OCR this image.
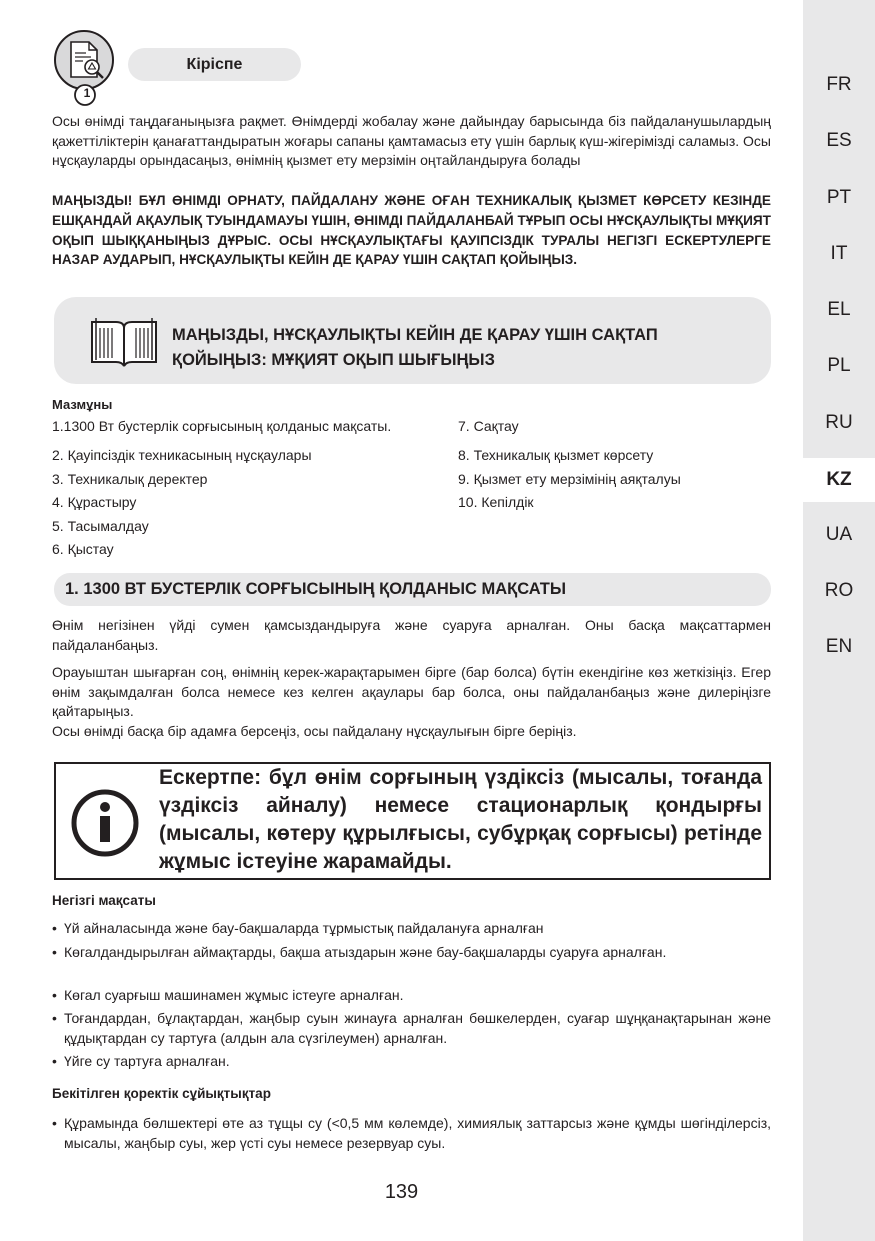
FR
ES
PT
IT
EL
PL
RU
KZ
UA
RO
EN
1
Кіріспе
Осы өнімді таңдағаныңызға рақмет. Өнімдерді жобалау және дайындау барысында біз пайдаланушылардың қажеттіліктерін қанағаттандыратын жоғары сапаны қамтамасыз ету үшін барлық күш-жігерімізді саламыз. Осы нұсқауларды орындасаңыз, өнімнің қызмет ету мерзімін оңтайландыруға болады
МАҢЫЗДЫ! БҰЛ ӨНІМДІ ОРНАТУ, ПАЙДАЛАНУ ЖӘНЕ ОҒАН ТЕХНИКАЛЫҚ ҚЫЗМЕТ КӨРСЕТУ КЕЗІНДЕ ЕШҚАНДАЙ АҚАУЛЫҚ ТУЫНДАМАУЫ ҮШІН, ӨНІМДІ ПАЙДАЛАНБАЙ ТҰРЫП ОСЫ НҰСҚАУЛЫҚТЫ МҰҚИЯТ ОҚЫП ШЫҚҚАНЫҢЫЗ ДҰРЫС. ОСЫ НҰСҚАУЛЫҚТАҒЫ ҚАУІПСІЗДІК ТУРАЛЫ НЕГІЗГІ ЕСКЕРТУЛЕРГЕ НАЗАР АУДАРЫП, НҰСҚАУЛЫҚТЫ КЕЙІН ДЕ ҚАРАУ ҮШІН САҚТАП ҚОЙЫҢЫЗ.
МАҢЫЗДЫ, НҰСҚАУЛЫҚТЫ КЕЙІН ДЕ ҚАРАУ ҮШІН САҚТАП
ҚОЙЫҢЫЗ: МҰҚИЯТ ОҚЫП ШЫҒЫҢЫЗ
Мазмұны
1.1300 Вт бустерлік сорғысының қолданыс мақсаты.
2. Қауіпсіздік техникасының нұсқаулары
3. Техникалық деректер
4. Құрастыру
5. Тасымалдау
6. Қыстау
7. Сақтау
8. Техникалық қызмет көрсету
9. Қызмет ету мерзімінің аяқталуы
10. Кепілдік
1. 1300 ВТ БУСТЕРЛІК СОРҒЫСЫНЫҢ ҚОЛДАНЫС МАҚСАТЫ
Өнім негізінен үйді сумен қамсыздандыруға және суаруға арналған. Оны басқа мақсаттармен пайдаланбаңыз.
Орауыштан шығарған соң, өнімнің керек-жарақтарымен бірге (бар болса) бүтін екендігіне көз жеткізіңіз. Егер өнім зақымдалған болса немесе кез келген ақаулары бар болса, оны пайдаланбаңыз және дилеріңізге қайтарыңыз.
Осы өнімді басқа бір адамға берсеңіз, осы пайдалану нұсқаулығын бірге беріңіз.
Ескертпе: бұл өнім сорғының үздіксіз (мысалы, тоғанда үздіксіз айналу) немесе стационарлық қондырғы (мысалы, көтеру құрылғысы, субұрқақ сорғысы) ретінде жұмыс істеуіне жарамайды.
Негізгі мақсаты
• Үй айналасында және бау-бақшаларда тұрмыстық пайдалануға арналған
• Көгалдандырылған аймақтарды, бақша атыздарын және бау-бақшаларды суаруға арналған.
• Көгал суарғыш машинамен жұмыс істеуге арналған.
• Тоғандардан, бұлақтардан, жаңбыр суын жинауға арналған бөшкелерден, суағар шұңқанақтарынан және құдықтардан су тартуға (алдын ала сүзгілеумен) арналған.
• Үйге су тартуға арналған.
Бекітілген қоректік сұйықтықтар
• Құрамында бөлшектері өте аз тұщы су (<0,5 мм көлемде), химиялық заттарсыз және құмды шөгінділерсіз, мысалы, жаңбыр суы, жер үсті суы немесе резервуар суы.
139
